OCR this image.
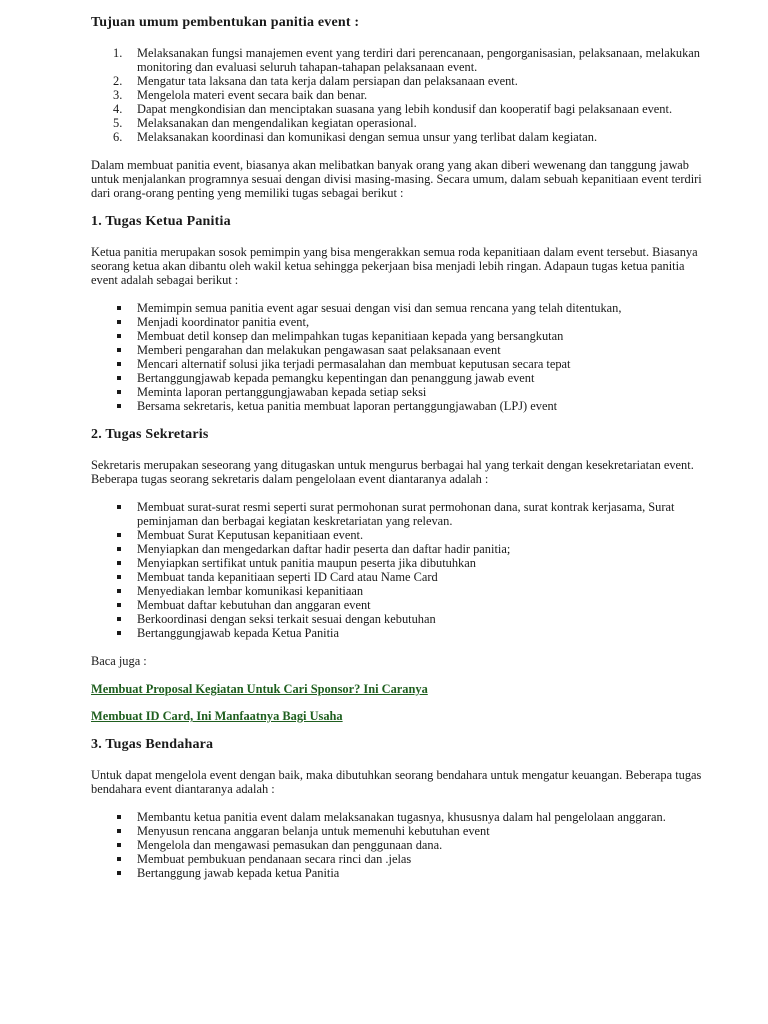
Tujuan umum pembentukan panitia event :
1. Melaksanakan fungsi manajemen event yang terdiri dari perencanaan, pengorganisasian, pelaksanaan, melakukan monitoring dan evaluasi seluruh tahapan-tahapan pelaksanaan event.
2. Mengatur tata laksana dan tata kerja dalam persiapan dan pelaksanaan event.
3. Mengelola materi event secara baik dan benar.
4. Dapat mengkondisian dan menciptakan suasana yang lebih kondusif dan kooperatif bagi pelaksanaan event.
5. Melaksanakan dan mengendalikan kegiatan operasional.
6. Melaksanakan koordinasi dan komunikasi dengan semua unsur yang terlibat dalam kegiatan.

Dalam membuat panitia event, biasanya akan melibatkan banyak orang yang akan diberi wewenang dan tanggung jawab untuk menjalankan programnya sesuai dengan divisi masing-masing. Secara umum, dalam sebuah kepanitiaan event terdiri dari orang-orang penting yeng memiliki tugas sebagai berikut :

1. Tugas Ketua Panitia

Ketua panitia merupakan sosok pemimpin yang bisa mengerakkan semua roda kepanitiaan dalam event tersebut. Biasanya seorang ketua akan dibantu oleh wakil ketua sehingga pekerjaan bisa menjadi lebih ringan. Adapaun tugas ketua panitia event adalah sebagai berikut :

Memimpin semua panitia event agar sesuai dengan visi dan semua rencana yang telah ditentukan,
Menjadi koordinator panitia event,
Membuat detil konsep dan melimpahkan tugas kepanitiaan kepada yang bersangkutan
Memberi pengarahan dan melakukan pengawasan saat pelaksanaan event
Mencari alternatif solusi jika terjadi permasalahan dan membuat keputusan secara tepat
Bertanggungjawab kepada pemangku kepentingan dan penanggung jawab event
Meminta laporan pertanggungjawaban kepada setiap seksi
Bersama sekretaris, ketua panitia membuat laporan pertanggungjawaban (LPJ) event
2. Tugas Sekretaris

Sekretaris merupakan seseorang yang ditugaskan untuk mengurus berbagai hal yang terkait dengan kesekretariatan event. Beberapa tugas seorang sekretaris dalam pengelolaan event diantaranya adalah :

Membuat surat-surat resmi seperti surat permohonan surat permohonan dana, surat kontrak kerjasama, Surat peminjaman dan berbagai kegiatan keskretariatan yang relevan.
Membuat Surat Keputusan kepanitiaan event.
Menyiapkan dan mengedarkan daftar hadir peserta dan daftar hadir panitia;
Menyiapkan sertifikat untuk panitia maupun peserta jika dibutuhkan
Membuat tanda kepanitiaan seperti ID Card atau Name Card
Menyediakan lembar komunikasi kepanitiaan
Membuat daftar kebutuhan dan anggaran event
Berkoordinasi dengan seksi terkait sesuai dengan kebutuhan
Bertanggungjawab kepada Ketua Panitia

Baca juga :

Membuat Proposal Kegiatan Untuk Cari Sponsor? Ini Caranya

Membuat ID Card, Ini Manfaatnya Bagi Usaha

3. Tugas Bendahara

Untuk dapat mengelola event dengan baik, maka dibutuhkan seorang bendahara untuk mengatur keuangan. Beberapa tugas bendahara event diantaranya adalah :

Membantu ketua panitia event dalam melaksanakan tugasnya, khususnya dalam hal pengelolaan anggaran.
Menyusun rencana anggaran belanja untuk memenuhi kebutuhan event
Mengelola dan mengawasi pemasukan dan penggunaan dana.
Membuat pembukuan pendanaan secara rinci dan .jelas
Bertanggung jawab kepada ketua Panitia
